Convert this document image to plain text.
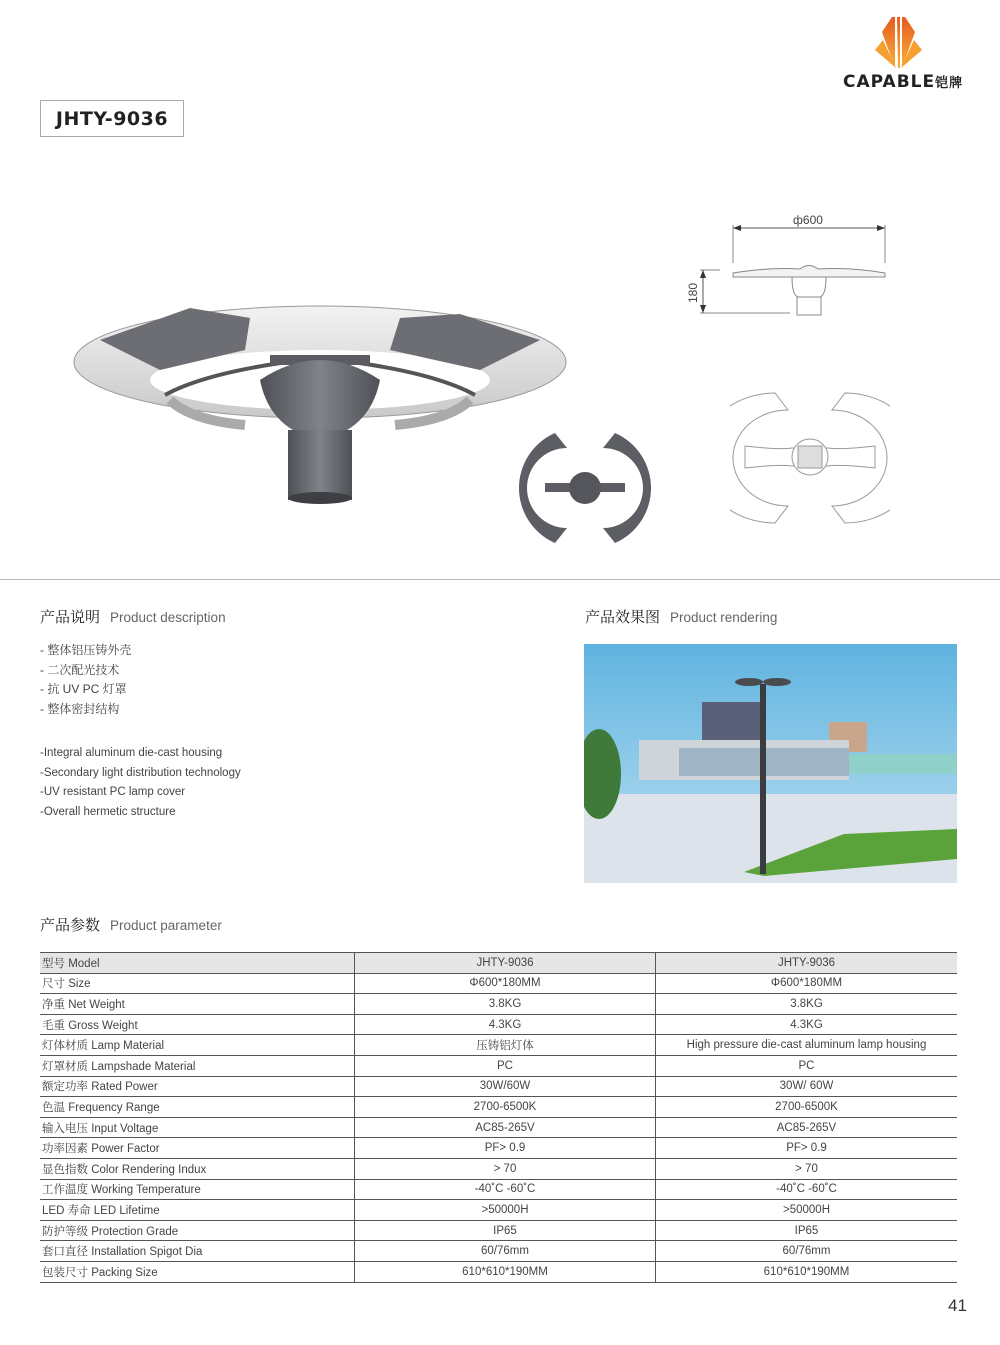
CAPABLE铠牌
JHTY-9036
ф600
180
产品说明 Product description
- 整体铝压铸外壳
- 二次配光技术
- 抗 UV PC 灯罩
- 整体密封结构
-Integral aluminum die-cast housing
-Secondary light distribution technology
-UV resistant PC lamp cover
-Overall hermetic structure
产品效果图 Product rendering
产品参数 Product parameter
型号 Model	JHTY-9036	JHTY-9036
尺寸 Size	Φ600*180MM	Φ600*180MM
净重 Net Weight	3.8KG	3.8KG
毛重 Gross Weight	4.3KG	4.3KG
灯体材质 Lamp Material	压铸铝灯体	High pressure die-cast aluminum lamp housing
灯罩材质 Lampshade Material	PC	PC
额定功率 Rated Power	30W/60W	30W/ 60W
色温 Frequency Range	2700-6500K	2700-6500K
输入电压 Input Voltage	AC85-265V	AC85-265V
功率因素 Power Factor	PF> 0.9	PF> 0.9
显色指数 Color Rendering Indux	> 70	> 70
工作温度 Working Temperature	-40˚C -60˚C	-40˚C -60˚C
LED 寿命 LED Lifetime	>50000H	>50000H
防护等级 Protection Grade	IP65	IP65
套口直径 Installation Spigot Dia	60/76mm	60/76mm
包装尺寸 Packing Size	610*610*190MM	610*610*190MM
41
